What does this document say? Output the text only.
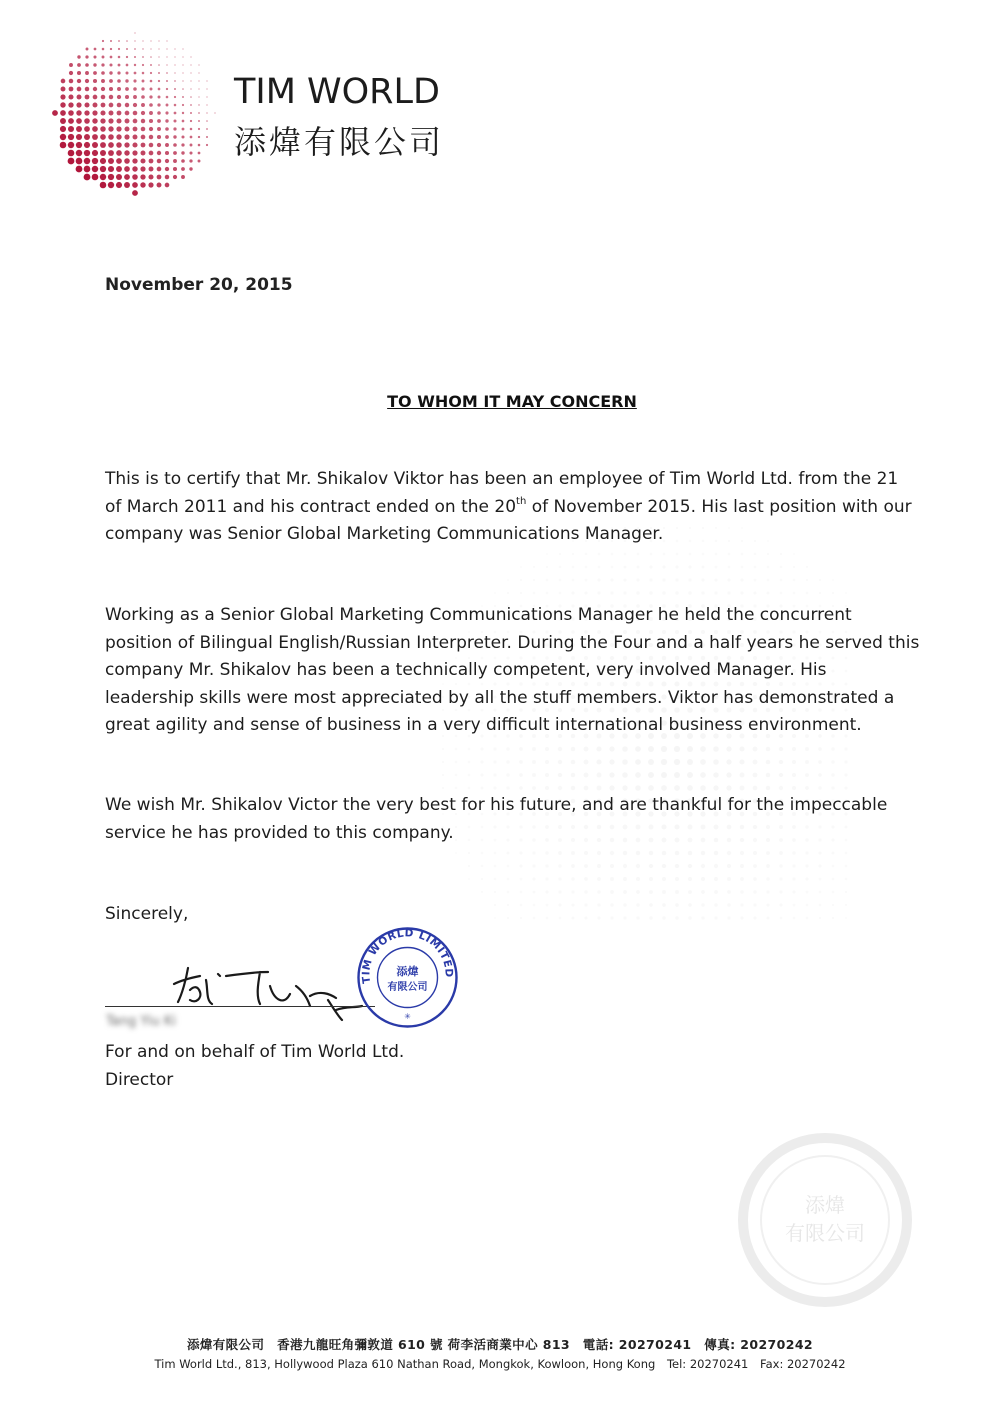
添煒
有限公司
TIM WORLD
添煒有限公司
November 20, 2015
TO WHOM IT MAY CONCERN

This is to certify that Mr. Shikalov Viktor has been an employee of Tim World Ltd. from the 21 of March 2011 and his contract ended on the 20th of November 2015. His last position with our company was Senior Global Marketing Communications Manager.

Working as a Senior Global Marketing Communications Manager he held the concurrent position of Bilingual English/Russian Interpreter. During the Four and a half years he served this company Mr. Shikalov has been a technically competent, very involved Manager. His leadership skills were most appreciated by all the stuff members. Viktor has demonstrated a great agility and sense of business in a very difficult international business environment.

We wish Mr. Shikalov Victor the very best for his future, and are thankful for the impeccable service he has provided to this company.

Sincerely,
TIM WORLD LIMITED
添煒
有限公司
✳
Tang Yiu Ki
For and on behalf of Tim World Ltd.
Director
添煒有限公司 香港九龍旺角彌敦道 610 號 荷李活商業中心 813 電話: 20270241 傳真: 20270242
Tim World Ltd., 813, Hollywood Plaza 610 Nathan Road, Mongkok, Kowloon, Hong Kong Tel: 20270241 Fax: 20270242
